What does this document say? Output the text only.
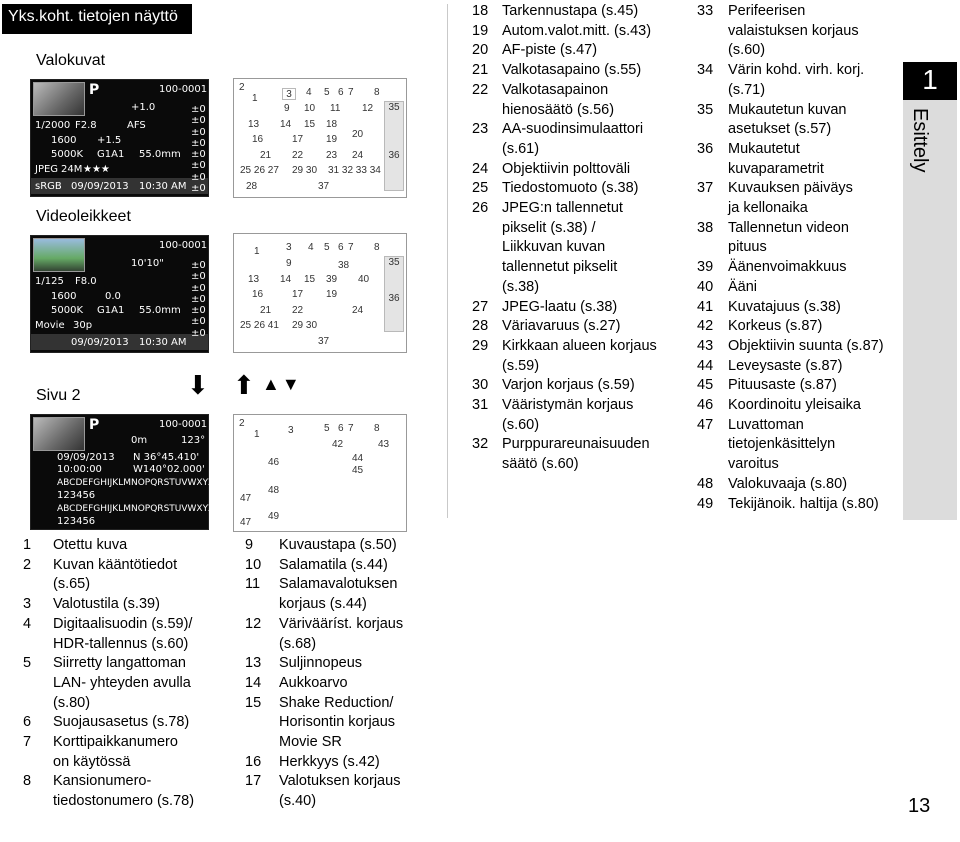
Yks.koht. tietojen näyttö
Valokuvat
Videoleikkeet
Sivu 2	⬇ ⬆ ▲▼
P	100-0001
+1.0
1/2000 F2.8	AFS
1600 +1.5
5000K G1A1 55.0mm
JPEG 24M ★★★
sRGB 09/09/2013 10:30 AM
±0
±0
±0
±0
±0
±0
±0
±0
100-0001
10'10"
1/125 F8.0
1600	0.0
5000K G1A1 55.0mm
Movie 30p
09/09/2013 10:30 AM
±0
±0
±0
±0
±0
±0
±0
P	100-0001
0m	123°
09/09/2013
10:00:00
N 36°45.410'
W140°02.000'
ABCDEFGHIJKLMNOPQRSTUVWXYZ
123456
ABCDEFGHIJKLMNOPQRSTUVWXYZ
123456
2
1	3	4 5 6 7 8
35

36
9 10 11 12
13 14 15 18
20
16	17 19
21 22 23 24
25 26 27 29 30 31 32 33 34
28	37
1	3 4 5 6 7 8
9	38	35

36
13 14 15 39 40
16	17 19
21 22	24
25 26 41 29 30
37
2
1	3	5 6 7 8
42	43
46	44
45
47
48
47
49
1	Otettu kuva
2	Kuvan kääntötiedot
(s.65)
3	Valotustila (s.39)
4	Digitaalisuodin (s.59)/
HDR-tallennus (s.60)
5	Siirretty langattoman
LAN- yhteyden avulla
(s.80)
6	Suojausasetus (s.78)
7	Korttipaikkanumero
on käytössä
8	Kansionumero-
tiedostonumero (s.78)
9	Kuvaustapa (s.50)
10	Salamatila (s.44)
11	Salamavalotuksen
korjaus (s.44)
12	Värivääríst. korjaus
(s.68)
13	Suljinnopeus
14	Aukkoarvo
15	Shake Reduction/
Horisontin korjaus
Movie SR
16	Herkkyys (s.42)
17	Valotuksen korjaus
(s.40)
18 Tarkennustapa (s.45)
19 Autom.valot.mitt. (s.43)
20 AF-piste (s.47)
21 Valkotasapaino (s.55)
22 Valkotasapainon
hienosäätö (s.56)
23 AA-suodinsimulaattori
(s.61)
24 Objektiivin polttoväli
25 Tiedostomuoto (s.38)
26 JPEG:n tallennetut
pikselit (s.38) /
Liikkuvan kuvan
tallennetut pikselit
(s.38)
27 JPEG-laatu (s.38)
28 Väriavaruus (s.27)
29 Kirkkaan alueen korjaus
(s.59)
30 Varjon korjaus (s.59)
31 Vääristymän korjaus
(s.60)
32 Purppurareunaisuuden
säätö (s.60)
33	Perifeerisen
valaistuksen korjaus
(s.60)
34	Värin kohd. virh. korj.
(s.71)
35	Mukautetun kuvan
asetukset (s.57)
36	Mukautetut
kuvaparametrit
37	Kuvauksen päiväys
ja kellonaika
38	Tallennetun videon
pituus
39	Äänenvoimakkuus
40	Ääni
41	Kuvatajuus (s.38)
42	Korkeus (s.87)
43	Objektiivin suunta (s.87)
44	Leveysaste (s.87)
45	Pituusaste (s.87)
46	Koordinoitu yleisaika
47	Luvattoman
tietojenkäsittelyn
varoitus
48	Valokuvaaja (s.80)
49	Tekijänoik. haltija (s.80)
1
Esittely
13
